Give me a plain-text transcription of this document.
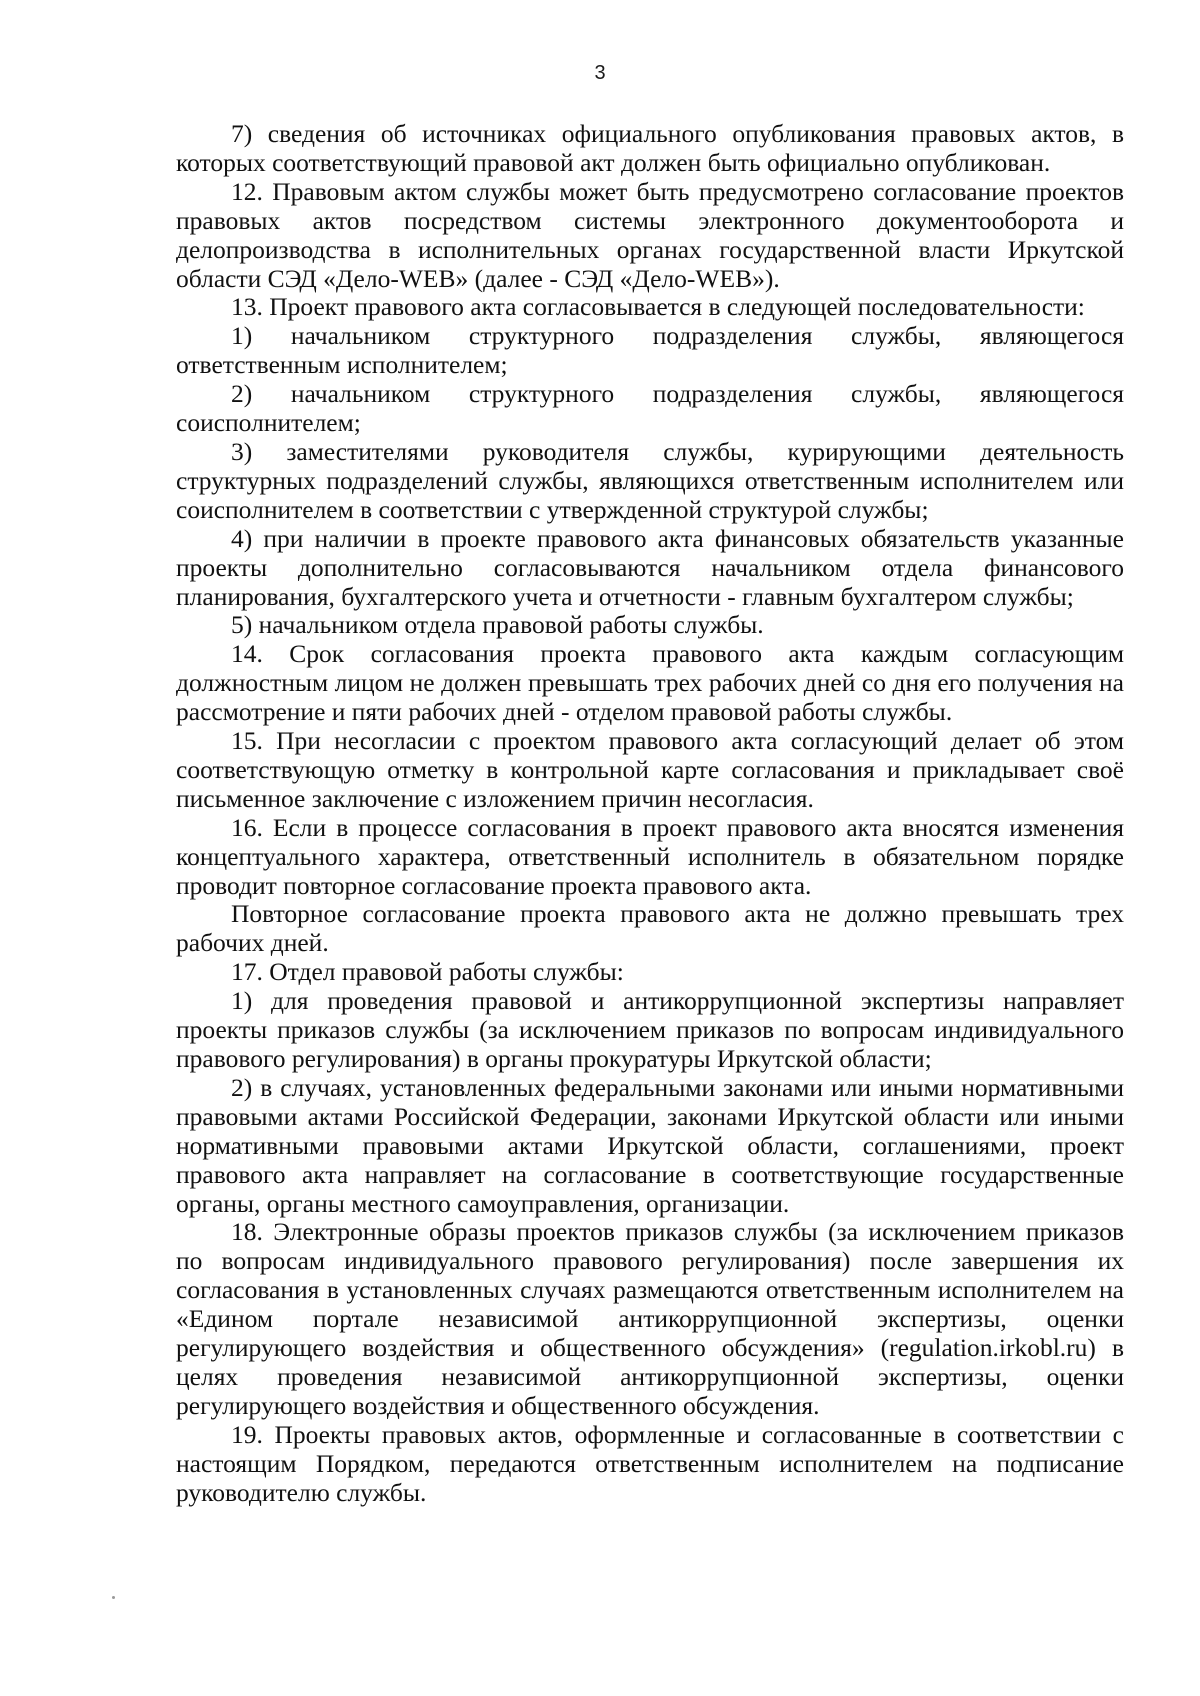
3

7) сведения об источниках официального опубликования правовых актов, в которых соответствующий правовой акт должен быть официально опубликован.

12. Правовым актом службы может быть предусмотрено согласование проектов правовых актов посредством системы электронного документооборота и делопроизводства в исполнительных органах государственной власти Иркутской области СЭД «Дело-WEB» (далее - СЭД «Дело-WEB»).

13. Проект правового акта согласовывается в следующей последовательности:

1) начальником структурного подразделения службы, являющегося ответственным исполнителем;

2) начальником структурного подразделения службы, являющегося соисполнителем;

3) заместителями руководителя службы, курирующими деятельность структурных подразделений службы, являющихся ответственным исполнителем или соисполнителем в соответствии с утвержденной структурой службы;

4) при наличии в проекте правового акта финансовых обязательств указанные проекты дополнительно согласовываются начальником отдела финансового планирования, бухгалтерского учета и отчетности - главным бухгалтером службы;

5) начальником отдела правовой работы службы.

14. Срок согласования проекта правового акта каждым согласующим должностным лицом не должен превышать трех рабочих дней со дня его получения на рассмотрение и пяти рабочих дней - отделом правовой работы службы.

15. При несогласии с проектом правового акта согласующий делает об этом соответствующую отметку в контрольной карте согласования и прикладывает своё письменное заключение с изложением причин несогласия.

16. Если в процессе согласования в проект правового акта вносятся изменения концептуального характера, ответственный исполнитель в обязательном порядке проводит повторное согласование проекта правового акта.

Повторное согласование проекта правового акта не должно превышать трех рабочих дней.

17. Отдел правовой работы службы:

1) для проведения правовой и антикоррупционной экспертизы направляет проекты приказов службы (за исключением приказов по вопросам индивидуального правового регулирования) в органы прокуратуры Иркутской области;

2) в случаях, установленных федеральными законами или иными нормативными правовыми актами Российской Федерации, законами Иркутской области или иными нормативными правовыми актами Иркутской области, соглашениями, проект правового акта направляет на согласование в соответствующие государственные органы, органы местного самоуправления, организации.

18. Электронные образы проектов приказов службы (за исключением приказов по вопросам индивидуального правового регулирования) после завершения их согласования в установленных случаях размещаются ответственным исполнителем на «Едином портале независимой антикоррупционной экспертизы, оценки регулирующего воздействия и общественного обсуждения» (regulation.irkobl.ru) в целях проведения независимой антикоррупционной экспертизы, оценки регулирующего воздействия и общественного обсуждения.

19. Проекты правовых актов, оформленные и согласованные в соответствии с настоящим Порядком, передаются ответственным исполнителем на подписание руководителю службы.
